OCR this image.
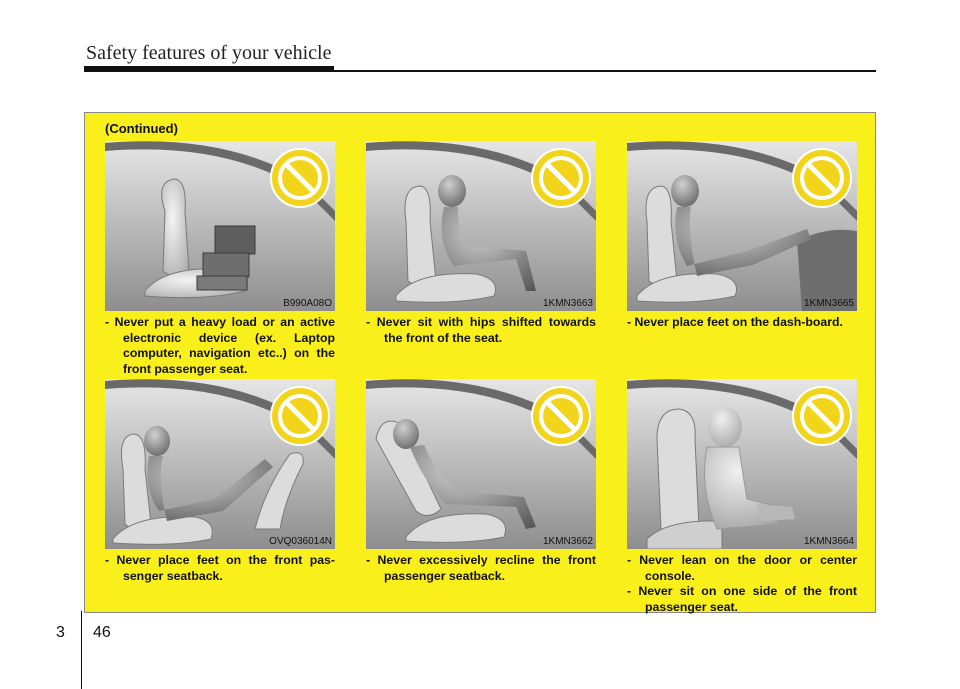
Safety features of your vehicle
(Continued)
B990A08O
- Never put a heavy load or an active electronic device (ex. Laptop computer, navigation etc..) on the front passenger seat.
1KMN3663
- Never sit with hips shifted towards the front of the seat.
1KMN3665
- Never place feet on the dash-board.
OVQ036014N
- Never place feet on the front pas-senger seatback.
1KMN3662
- Never excessively recline the front passenger seatback.
1KMN3664
- Never lean on the door or center console.
- Never sit on one side of the front passenger seat.
3 46
